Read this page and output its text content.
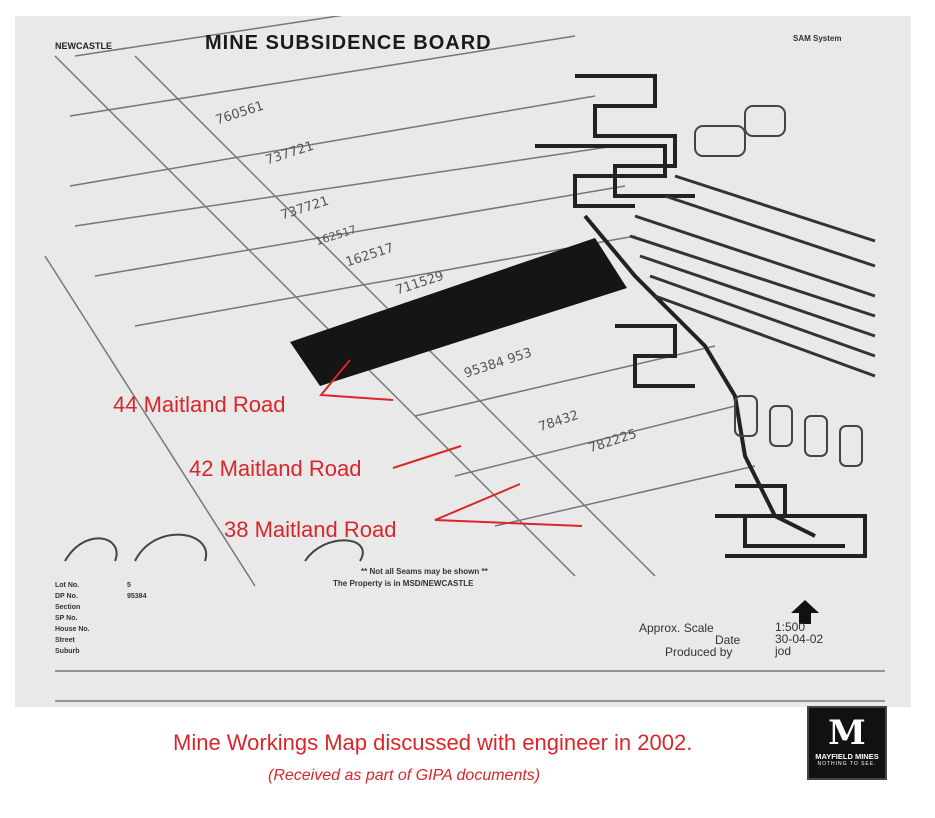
NEWCASTLE	MINE SUBSIDENCE BOARD	SAM System
760561
737721
737721
162517
162517
711529
95384 953
78432
782225
** Not all Seams may be shown **
The Property is in MSD/NEWCASTLE
Lot No.	5
DP No.	95384
Section
SP No.
House No.
Street
Suburb
Approx. Scale	1:500
Date	30-04-02
Produced by	jod
44 Maitland Road
42 Maitland Road
38 Maitland Road
Mine Workings Map discussed with engineer in 2002.
(Received as part of GIPA documents)
M
MAYFIELD MINES
NOTHING TO SEE.
